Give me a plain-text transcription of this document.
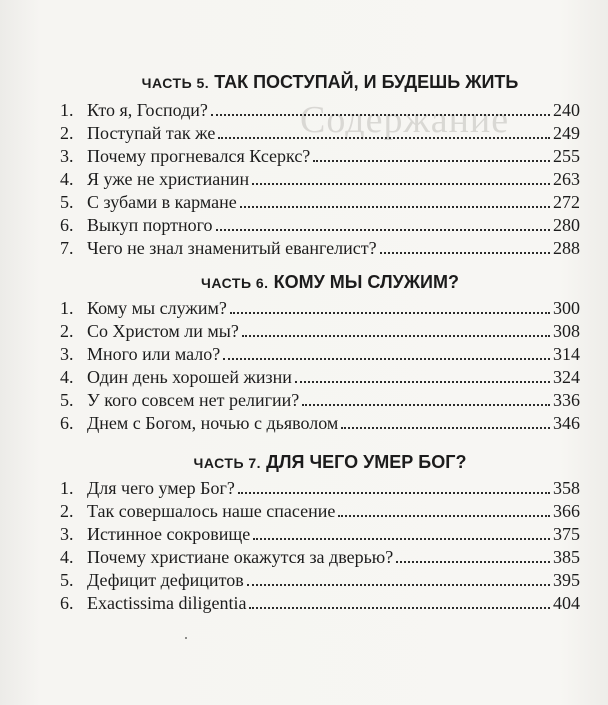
Содержание
ЧАСТЬ 5. ТАК ПОСТУПАЙ, И БУДЕШЬ ЖИТЬ
1. Кто я, Господи?	240
2. Поступай так же	249
3. Почему прогневался Ксеркс?	255
4. Я уже не христианин	263
5. С зубами в кармане	272
6. Выкуп портного	280
7. Чего не знал знаменитый евангелист?	288
ЧАСТЬ 6. КОМУ МЫ СЛУЖИМ?
1. Кому мы служим?	300
2. Со Христом ли мы?	308
3. Много или мало?	314
4. Один день хорошей жизни	324
5. У кого совсем нет религии?	336
6. Днем с Богом, ночью с дьяволом	346
ЧАСТЬ 7. ДЛЯ ЧЕГО УМЕР БОГ?
1. Для чего умер Бог?	358
2. Так совершалось наше спасение	366
3. Истинное сокровище	375
4. Почему христиане окажутся за дверью?	385
5. Дефицит дефицитов	395
6. Exactissima diligentia	404
